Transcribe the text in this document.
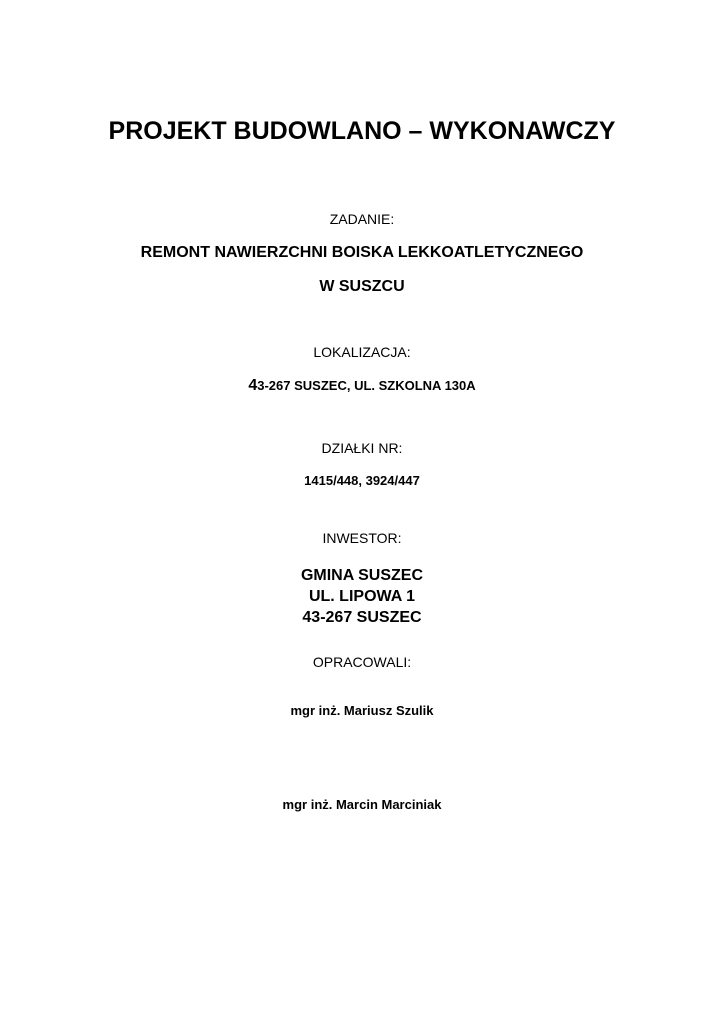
PROJEKT BUDOWLANO – WYKONAWCZY
ZADANIE:
REMONT NAWIERZCHNI BOISKA LEKKOATLETYCZNEGO
W SUSZCU
LOKALIZACJA:
43-267 SUSZEC, UL. SZKOLNA 130A
DZIAŁKI NR:
1415/448, 3924/447
INWESTOR:
GMINA SUSZEC
UL. LIPOWA 1
43-267 SUSZEC
OPRACOWALI:
mgr inż. Mariusz Szulik
mgr inż. Marcin Marciniak
